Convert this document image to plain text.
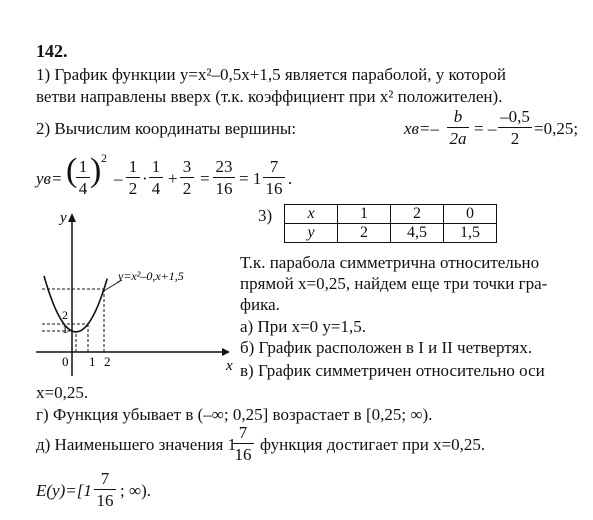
142.
1) График функции y=x²–0,5x+1,5 является параболой, у которой
ветви направлены вверх (т.к. коэффициент при x² положителен).
2) Вычислим координаты вершины:	xв=–
b
2a
= –
–0,5
2
=0,25;
yв= ( 1
4 ) 2
–
1
2
·
1
4
+
3
2
=
23
16
= 1
7
16
.
3) x	1	2	0
y	2	4,5	1,5
Т.к. парабола симметрична относительно
прямой x=0,25, найдем еще три точки гра-
фика.
а) При x=0 y=1,5.
б) График расположен в I и II четвертях.
в) График симметричен относительно оси
x=0,25.
г) Функция убывает в (–∞; 0,25] возрастает в [0,25; ∞).
д) Наименьшего значения 1
7
16
функция достигает при x=0,25.
E(y)=[1
7
16
; ∞).
y
x
0
1
2
1 2
y=x²–0,x+1,5
